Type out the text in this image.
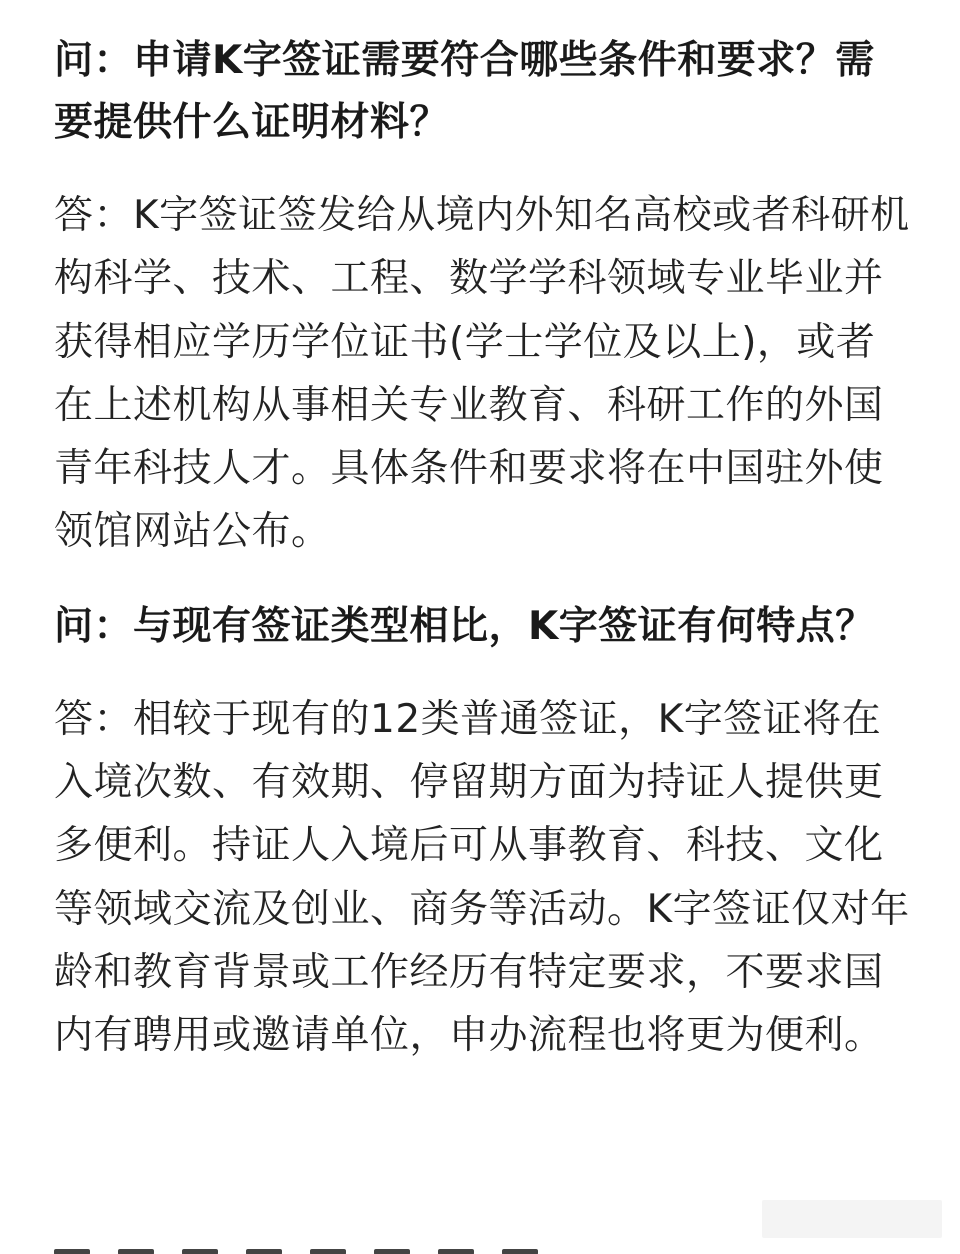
问：申请K字签证需要符合哪些条件和要求？需要提供什么证明材料？

答：K字签证签发给从境内外知名高校或者科研机构科学、技术、工程、数学学科领域专业毕业并获得相应学历学位证书(学士学位及以上)，或者在上述机构从事相关专业教育、科研工作的外国青年科技人才。具体条件和要求将在中国驻外使领馆网站公布。

问：与现有签证类型相比，K字签证有何特点？

答：相较于现有的12类普通签证，K字签证将在入境次数、有效期、停留期方面为持证人提供更多便利。持证人入境后可从事教育、科技、文化等领域交流及创业、商务等活动。K字签证仅对年龄和教育背景或工作经历有特定要求，不要求国内有聘用或邀请单位，申办流程也将更为便利。
